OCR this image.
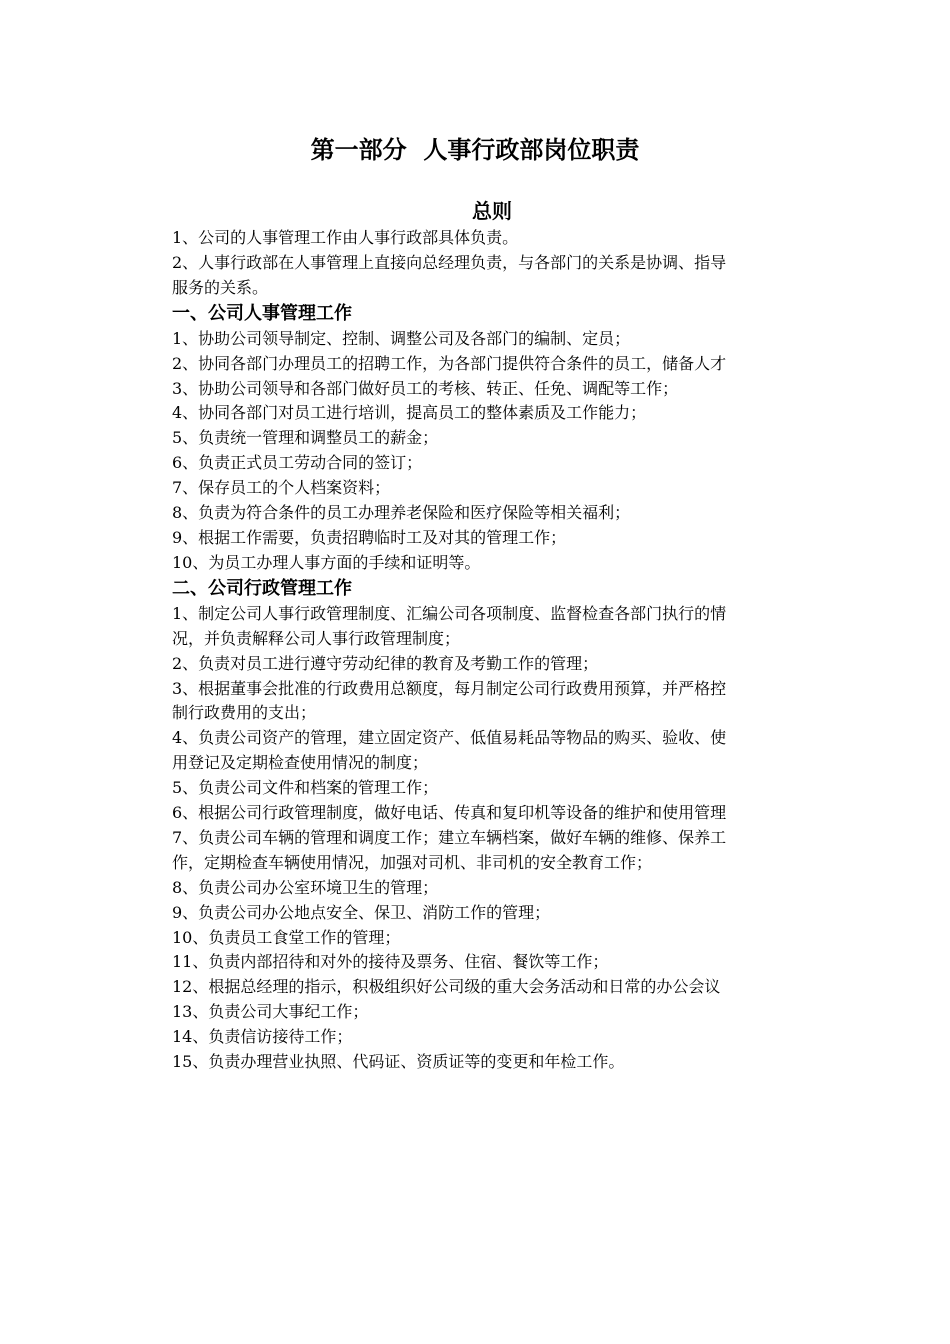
第一部分  人事行政部岗位职责
总则
1、公司的人事管理工作由人事行政部具体负责。
2、人事行政部在人事管理上直接向总经理负责，与各部门的关系是协调、指导
服务的关系。
一、公司人事管理工作
1、协助公司领导制定、控制、调整公司及各部门的编制、定员；
2、协同各部门办理员工的招聘工作，为各部门提供符合条件的员工，储备人才
3、协助公司领导和各部门做好员工的考核、转正、任免、调配等工作；
4、协同各部门对员工进行培训，提高员工的整体素质及工作能力；
5、负责统一管理和调整员工的薪金；
6、负责正式员工劳动合同的签订；
7、保存员工的个人档案资料；
8、负责为符合条件的员工办理养老保险和医疗保险等相关福利；
9、根据工作需要，负责招聘临时工及对其的管理工作；
10、为员工办理人事方面的手续和证明等。
二、公司行政管理工作
1、制定公司人事行政管理制度、汇编公司各项制度、监督检查各部门执行的情
况，并负责解释公司人事行政管理制度；
2、负责对员工进行遵守劳动纪律的教育及考勤工作的管理；
3、根据董事会批准的行政费用总额度，每月制定公司行政费用预算，并严格控
制行政费用的支出；
4、负责公司资产的管理，建立固定资产、低值易耗品等物品的购买、验收、使
用登记及定期检查使用情况的制度；
5、负责公司文件和档案的管理工作；
6、根据公司行政管理制度，做好电话、传真和复印机等设备的维护和使用管理
7、负责公司车辆的管理和调度工作；建立车辆档案，做好车辆的维修、保养工
作，定期检查车辆使用情况，加强对司机、非司机的安全教育工作；
8、负责公司办公室环境卫生的管理；
9、负责公司办公地点安全、保卫、消防工作的管理；
10、负责员工食堂工作的管理；
11、负责内部招待和对外的接待及票务、住宿、餐饮等工作；
12、根据总经理的指示，积极组织好公司级的重大会务活动和日常的办公会议
13、负责公司大事纪工作；
14、负责信访接待工作；
15、负责办理营业执照、代码证、资质证等的变更和年检工作。
